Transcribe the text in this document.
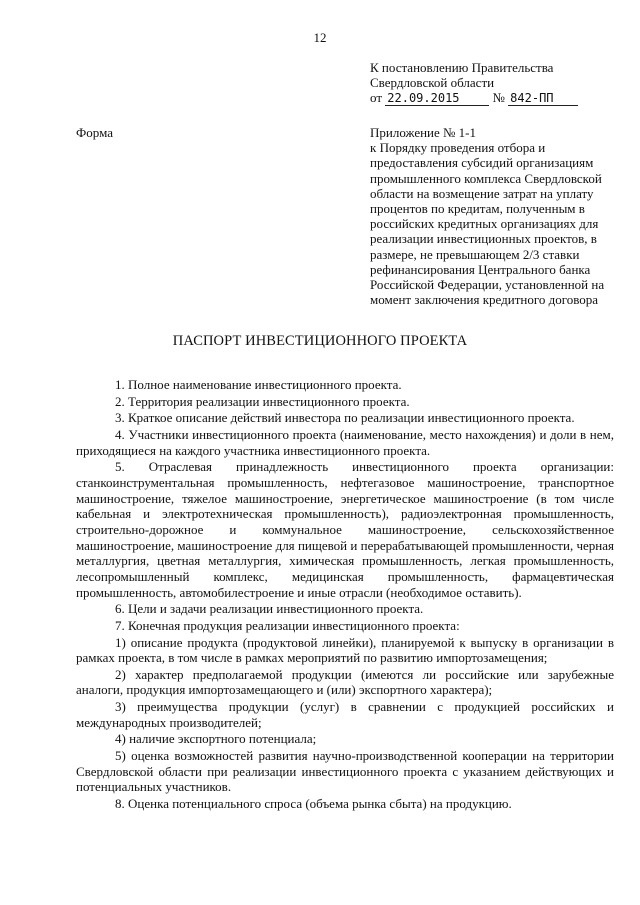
12
К постановлению Правительства
Свердловской области
от 22.09.2015	№ 842-ПП
Форма	Приложение № 1-1
к Порядку проведения отбора и
предоставления субсидий организациям
промышленного комплекса Свердловской
области на возмещение затрат на уплату
процентов по кредитам, полученным в
российских кредитных организациях для
реализации инвестиционных проектов, в
размере, не превышающем 2/3 ставки
рефинансирования Центрального банка
Российской Федерации, установленной на
момент заключения кредитного договора
ПАСПОРТ ИНВЕСТИЦИОННОГО ПРОЕКТА

1. Полное наименование инвестиционного проекта.

2. Территория реализации инвестиционного проекта.

3. Краткое описание действий инвестора по реализации инвестиционного проекта.

4. Участники инвестиционного проекта (наименование, место нахождения) и доли в нем, приходящиеся на каждого участника инвестиционного проекта.

5. Отраслевая принадлежность инвестиционного проекта организации: станкоинструментальная промышленность, нефтегазовое машиностроение, транспортное машиностроение, тяжелое машиностроение, энергетическое машиностроение (в том числе кабельная и электротехническая промышленность), радиоэлектронная промышленность, строительно-дорожное и коммунальное машиностроение, сельскохозяйственное машиностроение, машиностроение для пищевой и перерабатывающей промышленности, черная металлургия, цветная металлургия, химическая промышленность, легкая промышленность, лесопромышленный комплекс, медицинская промышленность, фармацевтическая промышленность, автомобилестроение и иные отрасли (необходимое оставить).

6. Цели и задачи реализации инвестиционного проекта.

7. Конечная продукция реализации инвестиционного проекта:

1) описание продукта (продуктовой линейки), планируемой к выпуску в организации в рамках проекта, в том числе в рамках мероприятий по развитию импортозамещения;

2) характер предполагаемой продукции (имеются ли российские или зарубежные аналоги, продукция импортозамещающего и (или) экспортного характера);

3) преимущества продукции (услуг) в сравнении с продукцией российских и международных производителей;

4) наличие экспортного потенциала;

5) оценка возможностей развития научно-производственной кооперации на территории Свердловской области при реализации инвестиционного проекта с указанием действующих и потенциальных участников.

8. Оценка потенциального спроса (объема рынка сбыта) на продукцию.
